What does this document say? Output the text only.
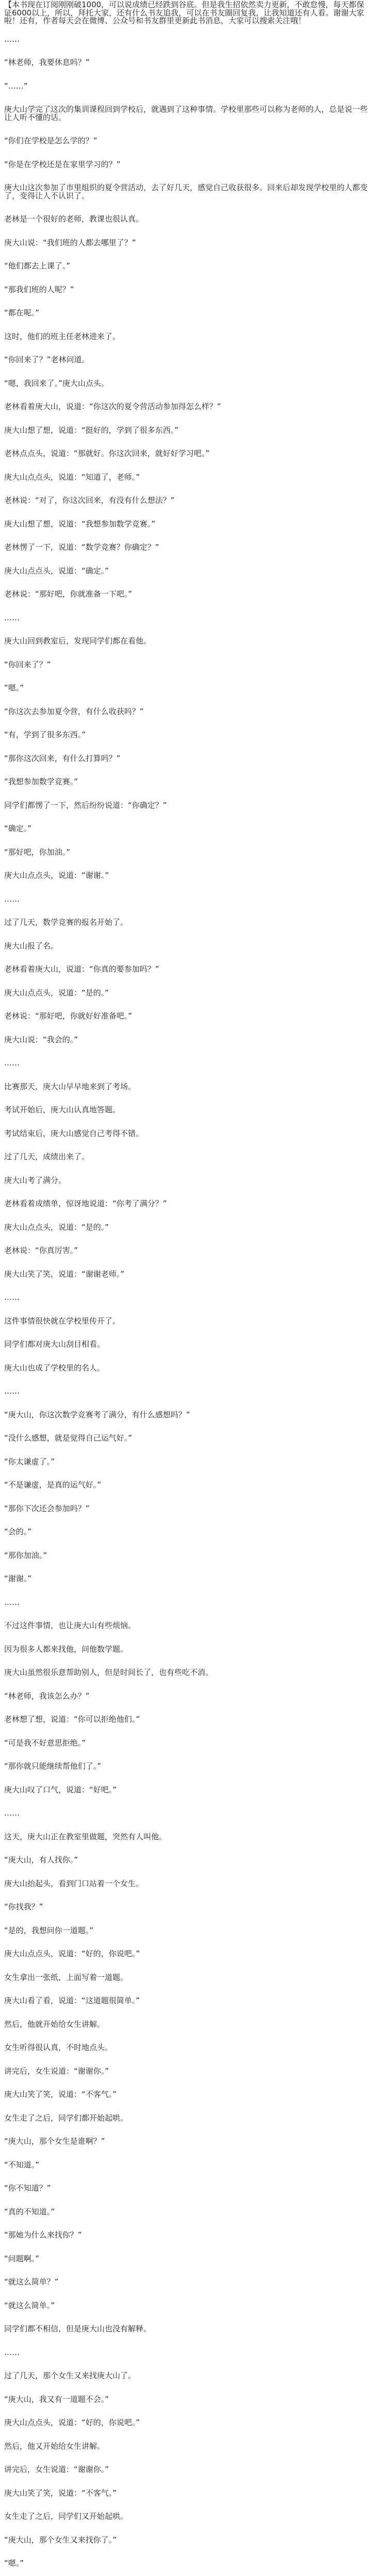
【本书现在订阅刚刚破1000，可以说成绩已经跌到谷底。但是我生招依然卖力更新，不敢怠慢，每天都保证6000以上，所以，拜托大家，还有什么书友追我，可以在书友圈回复我，让我知道还有人看。谢谢大家啦！还有，作者每天会在微博、公众号和书友群里更新此书消息，大家可以搜索关注哦！

……

“林老师，我要休息吗？”

“……”

庚大山学完了这次的集训课程回到学校后，就遇到了这种事情。学校里那些可以称为老师的人，总是说一些让人听不懂的话。

“你们在学校是怎么学的？”

“你是在学校还是在家里学习的？”

庚大山这次参加了市里组织的夏令营活动，去了好几天，感觉自己收获很多。回来后却发现学校里的人都变了，变得让人不认识了。

老林是一个很好的老师，教课也很认真。

庚大山说：“我们班的人都去哪里了？”

“他们都去上课了。”

“那我们班的人呢？”

“都在呢。”

这时，他们的班主任老林进来了。

“你回来了？”老林问道。

“嗯，我回来了。”庚大山点头。

老林看着庚大山，说道：“你这次的夏令营活动参加得怎么样？”

庚大山想了想，说道：“挺好的，学到了很多东西。”

老林点点头，说道：“那就好。你这次回来，就好好学习吧。”

庚大山点点头，说道：“知道了，老师。”

老林说：“对了，你这次回来，有没有什么想法？”

庚大山想了想，说道：“我想参加数学竞赛。”

老林愣了一下，说道：“数学竞赛？你确定？”

庚大山点点头，说道：“确定。”

老林说：“那好吧，你就准备一下吧。”

……

庚大山回到教室后，发现同学们都在看他。

“你回来了？”

“嗯。”

“你这次去参加夏令营，有什么收获吗？”

“有，学到了很多东西。”

“那你这次回来，有什么打算吗？”

“我想参加数学竞赛。”

同学们都愣了一下，然后纷纷说道：“你确定？”

“确定。”

“那好吧，你加油。”

庚大山点点头，说道：“谢谢。”

……

过了几天，数学竞赛的报名开始了。

庚大山报了名。

老林看着庚大山，说道：“你真的要参加吗？”

庚大山点点头，说道：“是的。”

老林说：“那好吧，你就好好准备吧。”

庚大山说：“我会的。”

……

比赛那天，庚大山早早地来到了考场。

考试开始后，庚大山认真地答题。

考试结束后，庚大山感觉自己考得不错。

过了几天，成绩出来了。

庚大山考了满分。

老林看着成绩单，惊讶地说道：“你考了满分？”

庚大山点点头，说道：“是的。”

老林说：“你真厉害。”

庚大山笑了笑，说道：“谢谢老师。”

……

这件事情很快就在学校里传开了。

同学们都对庚大山刮目相看。

庚大山也成了学校里的名人。

……

“庚大山，你这次数学竞赛考了满分，有什么感想吗？”

“没什么感想，就是觉得自己运气好。”

“你太谦虚了。”

“不是谦虚，是真的运气好。”

“那你下次还会参加吗？”

“会的。”

“那你加油。”

“谢谢。”

……

不过这件事情，也让庚大山有些烦恼。

因为很多人都来找他，问他数学题。

庚大山虽然很乐意帮助别人，但是时间长了，也有些吃不消。

“林老师，我该怎么办？”

老林想了想，说道：“你可以拒绝他们。”

“可是我不好意思拒绝。”

“那你就只能继续帮他们了。”

庚大山叹了口气，说道：“好吧。”

……

这天，庚大山正在教室里做题，突然有人叫他。

“庚大山，有人找你。”

庚大山抬起头，看到门口站着一个女生。

“你找我？”

“是的，我想问你一道题。”

庚大山点点头，说道：“好的，你说吧。”

女生拿出一张纸，上面写着一道题。

庚大山看了看，说道：“这道题很简单。”

然后，他就开始给女生讲解。

女生听得很认真，不时地点头。

讲完后，女生说道：“谢谢你。”

庚大山笑了笑，说道：“不客气。”

女生走了之后，同学们都开始起哄。

“庚大山，那个女生是谁啊？”

“不知道。”

“你不知道？”

“真的不知道。”

“那她为什么来找你？”

“问题啊。”

“就这么简单？”

“就这么简单。”

同学们都不相信，但是庚大山也没有解释。

……

过了几天，那个女生又来找庚大山了。

“庚大山，我又有一道题不会。”

庚大山点点头，说道：“好的，你说吧。”

然后，他又开始给女生讲解。

讲完后，女生说道：“谢谢你。”

庚大山笑了笑，说道：“不客气。”

女生走了之后，同学们又开始起哄。

“庚大山，那个女生又来找你了。”

“嗯。”
